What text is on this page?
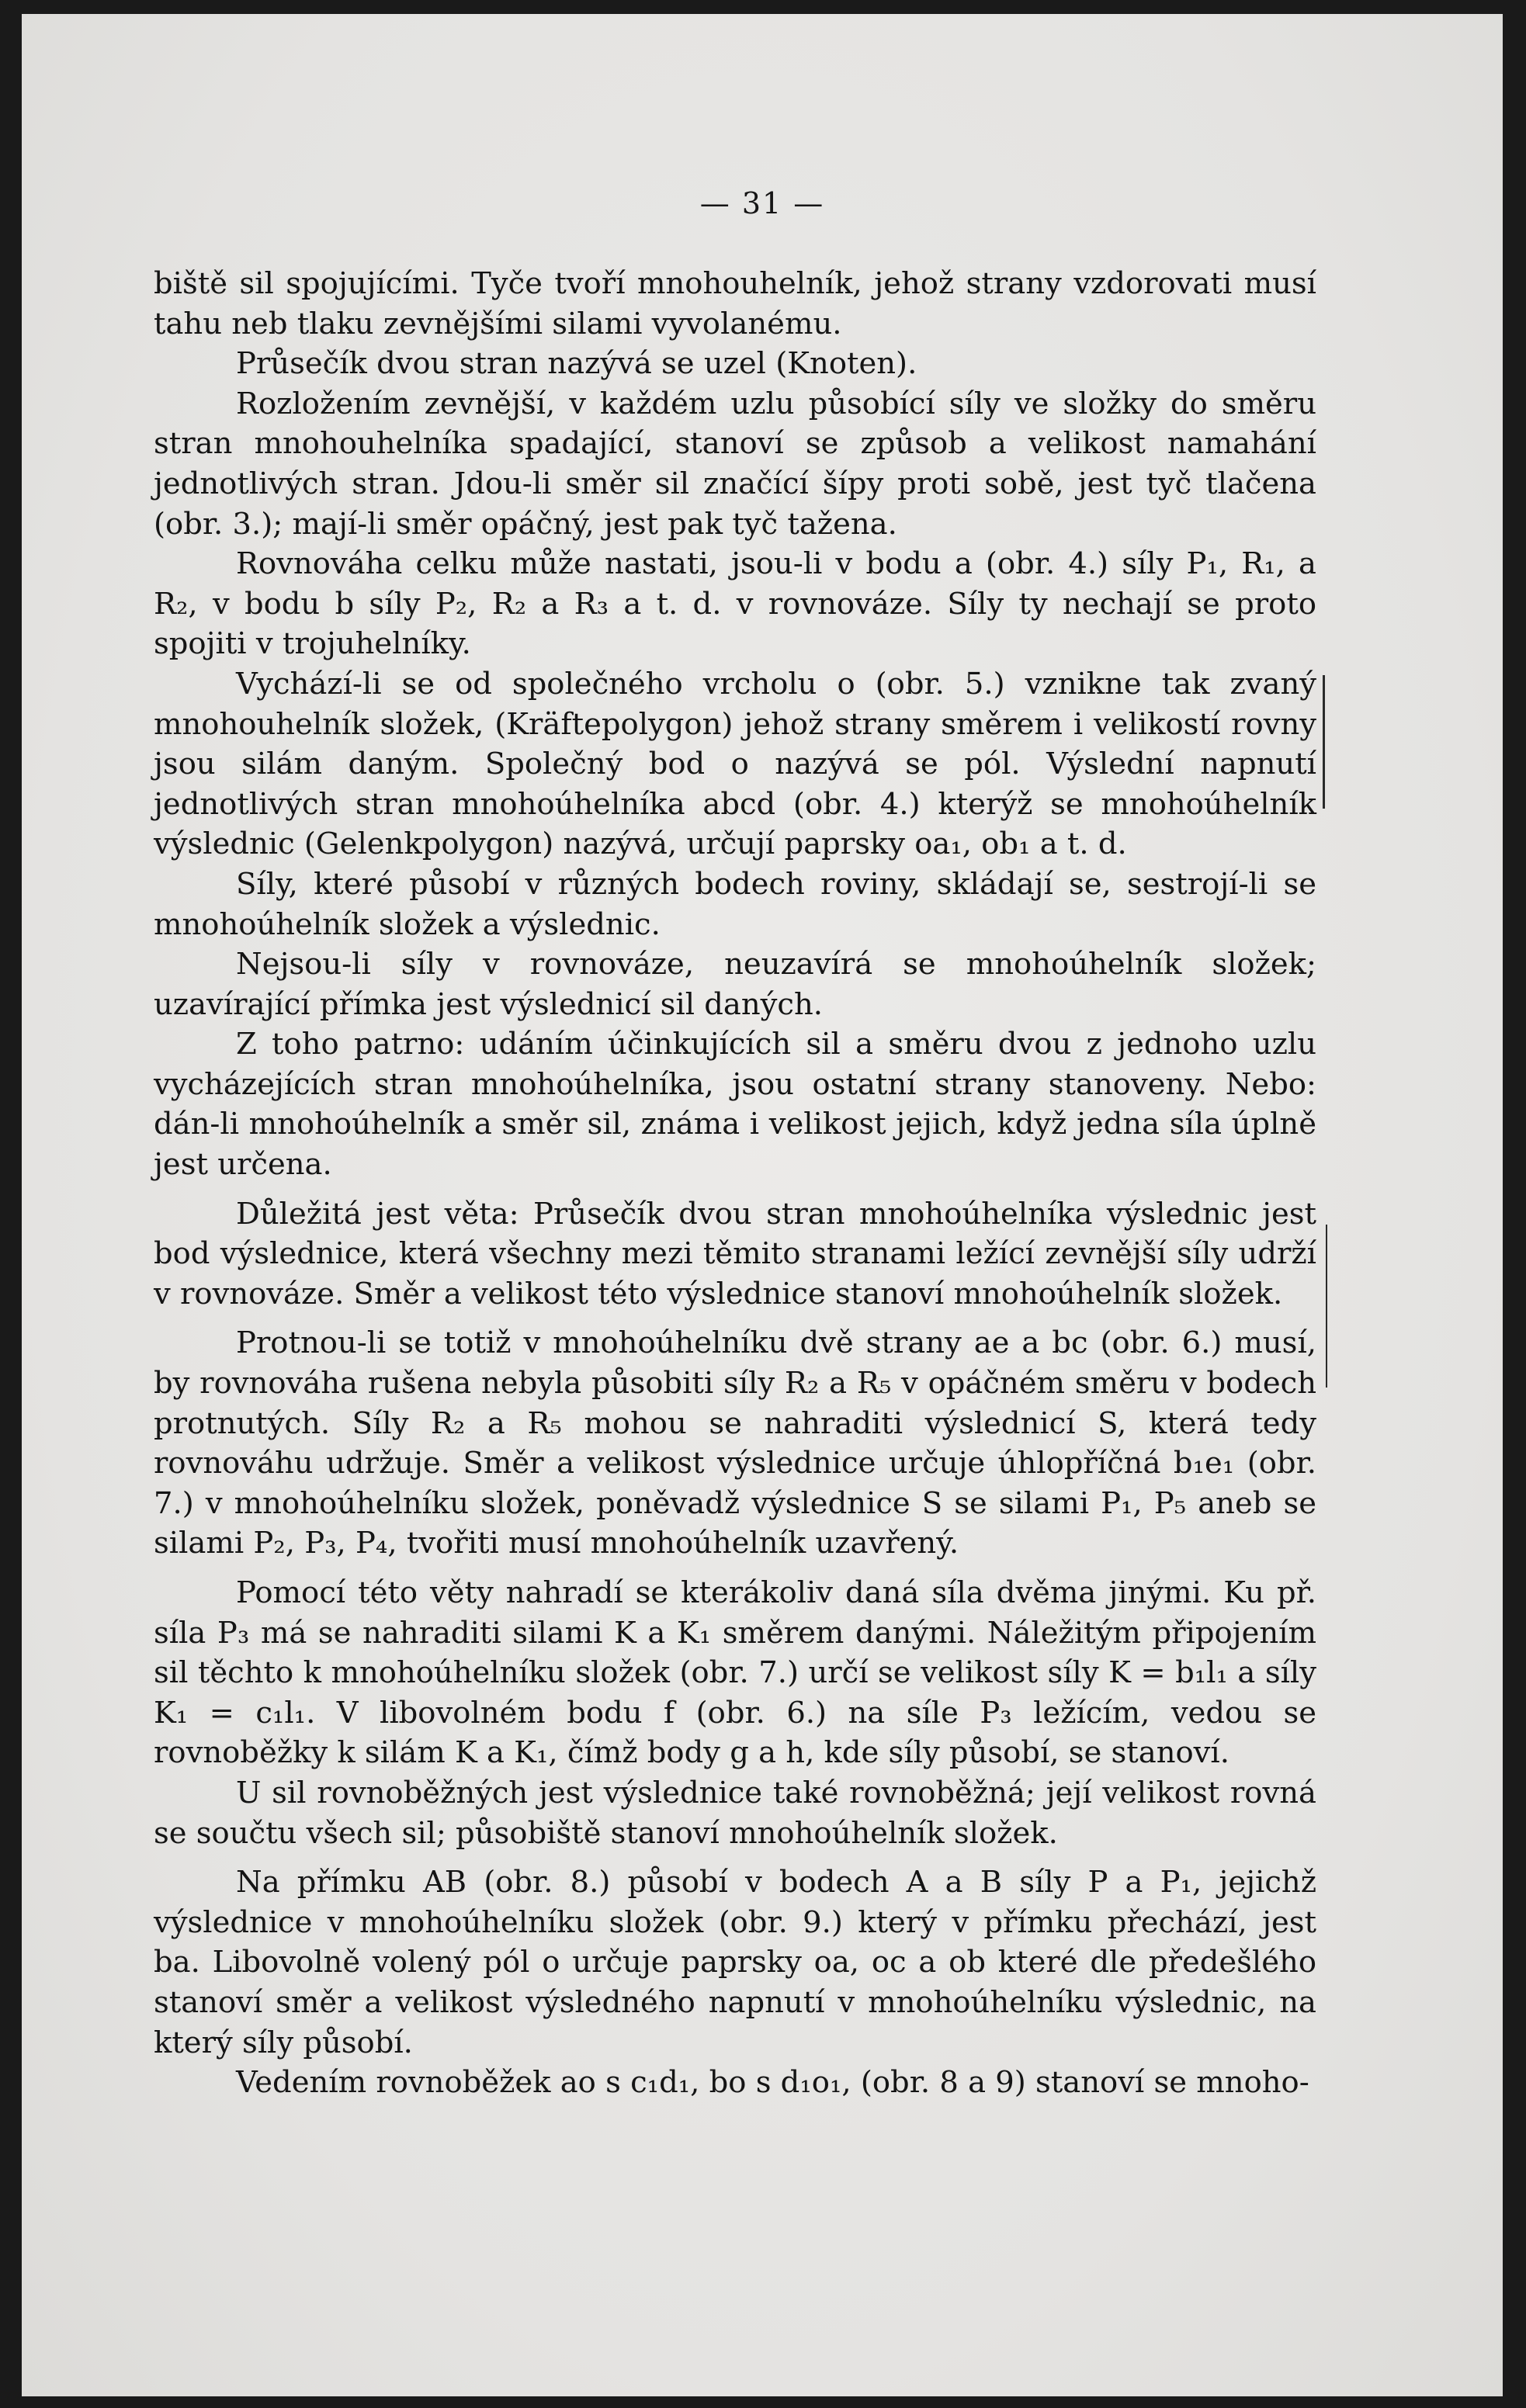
— 31 —

biště sil spojujícími. Tyče tvoří mnohouhelník, jehož strany vzdorovati musí tahu neb tlaku zevnějšími silami vyvolanému.

Průsečík dvou stran nazývá se uzel (Knoten).

Rozložením zevnější, v každém uzlu působící síly ve složky do směru stran mnohouhelníka spadající, stanoví se způsob a velikost namahání jednotlivých stran. Jdou-li směr sil značící šípy proti sobě, jest tyč tlačena (obr. 3.); mají-li směr opáčný, jest pak tyč tažena.

Rovnováha celku může nastati, jsou-li v bodu a (obr. 4.) síly P₁, R₁, a R₂, v bodu b síly P₂, R₂ a R₃ a t. d. v rovnováze. Síly ty nechají se proto spojiti v trojuhelníky.

Vychází-li se od společného vrcholu o (obr. 5.) vznikne tak zvaný mnohouhelník složek, (Kräftepolygon) jehož strany směrem i velikostí rovny jsou silám daným. Společný bod o nazývá se pól. Výslední napnutí jednotlivých stran mnohoúhelníka abcd (obr. 4.) kterýž se mnohoúhelník výslednic (Gelenkpolygon) nazývá, určují paprsky oa₁, ob₁ a t. d.

Síly, které působí v různých bodech roviny, skládají se, sestrojí-li se mnohoúhelník složek a výslednic.

Nejsou-li síly v rovnováze, neuzavírá se mnohoúhelník složek; uzavírající přímka jest výslednicí sil daných.

Z toho patrno: udáním účinkujících sil a směru dvou z jednoho uzlu vycházejících stran mnohoúhelníka, jsou ostatní strany stanoveny. Nebo: dán-li mnohoúhelník a směr sil, známa i velikost jejich, když jedna síla úplně jest určena.

Důležitá jest věta: Průsečík dvou stran mnohoúhelníka výslednic jest bod výslednice, která všechny mezi těmito stranami ležící zevnější síly udrží v rovnováze. Směr a velikost této výslednice stanoví mnohoúhelník složek.

Protnou-li se totiž v mnohoúhelníku dvě strany ae a bc (obr. 6.) musí, by rovnováha rušena nebyla působiti síly R₂ a R₅ v opáčném směru v bodech protnutých. Síly R₂ a R₅ mohou se nahraditi výslednicí S, která tedy rovnováhu udržuje. Směr a velikost výslednice určuje úhlopříčná b₁e₁ (obr. 7.) v mnohoúhelníku složek, poněvadž výslednice S se silami P₁, P₅ aneb se silami P₂, P₃, P₄, tvořiti musí mnohoúhelník uzavřený.

Pomocí této věty nahradí se kterákoliv daná síla dvěma jinými. Ku př. síla P₃ má se nahraditi silami K a K₁ směrem danými. Náležitým připojením sil těchto k mnohoúhelníku složek (obr. 7.) určí se velikost síly K = b₁l₁ a síly K₁ = c₁l₁. V libovolném bodu f (obr. 6.) na síle P₃ ležícím, vedou se rovnoběžky k silám K a K₁, čímž body g a h, kde síly působí, se stanoví.

U sil rovnoběžných jest výslednice také rovnoběžná; její velikost rovná se součtu všech sil; působiště stanoví mnohoúhelník složek.

Na přímku AB (obr. 8.) působí v bodech A a B síly P a P₁, jejichž výslednice v mnohoúhelníku složek (obr. 9.) který v přímku přechází, jest ba. Libovolně volený pól o určuje paprsky oa, oc a ob které dle předešlého stanoví směr a velikost výsledného napnutí v mnohoúhelníku výslednic, na který síly působí.

Vedením rovnoběžek ao s c₁d₁, bo s d₁o₁, (obr. 8 a 9) stanoví se mnoho-
